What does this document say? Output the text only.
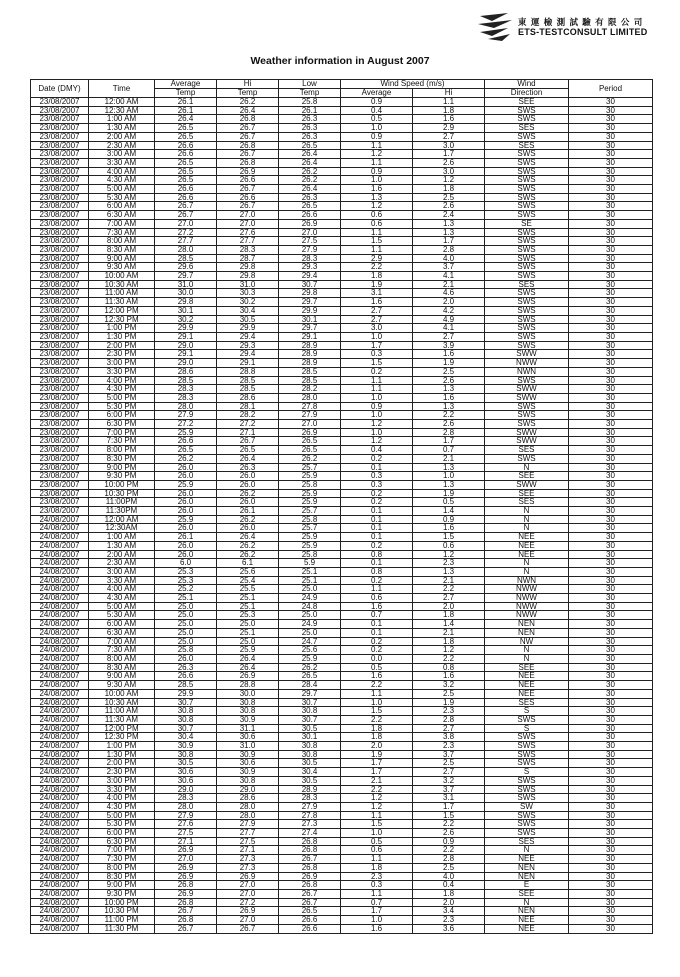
東 運 檢 測 試 驗 有 限 公 司
ETS-TESTCONSULT LIMITED
Weather information in August 2007
Date (DMY)	Time	Average	Hi	Low	Wind Speed (m/s)		Wind	Period
		Temp	Temp	Temp	Average	Hi	Direction	
23/08/2007	12:00 AM	26.1	26.2	25.8	0.9	1.1	SEE	30
23/08/2007	12:30 AM	26.1	26.4	26.1	0.4	1.8	SWS	30
23/08/2007	1:00 AM	26.4	26.8	26.3	0.5	1.6	SWS	30
23/08/2007	1:30 AM	26.5	26.7	26.3	1.0	2.9	SES	30
23/08/2007	2:00 AM	26.5	26.7	26.3	0.9	2.7	SWS	30
23/08/2007	2:30 AM	26.6	26.8	26.5	1.1	3.0	SES	30
23/08/2007	3:00 AM	26.6	26.7	26.4	1.2	1.7	SWS	30
23/08/2007	3:30 AM	26.5	26.8	26.4	1.1	2.6	SWS	30
23/08/2007	4:00 AM	26.5	26.9	26.2	0.9	3.0	SWS	30
23/08/2007	4:30 AM	26.5	26.6	26.2	1.0	1.2	SWS	30
23/08/2007	5:00 AM	26.6	26.7	26.4	1.6	1.8	SWS	30
23/08/2007	5:30 AM	26.6	26.6	26.3	1.3	2.5	SWS	30
23/08/2007	6:00 AM	26.7	26.7	26.5	1.2	2.6	SWS	30
23/08/2007	6:30 AM	26.7	27.0	26.6	0.6	2.4	SWS	30
23/08/2007	7:00 AM	27.0	27.0	26.9	0.6	1.3	SE	30
23/08/2007	7:30 AM	27.2	27.6	27.0	1.1	1.3	SWS	30
23/08/2007	8:00 AM	27.7	27.7	27.5	1.5	1.7	SWS	30
23/08/2007	8:30 AM	28.0	28.3	27.9	1.1	2.8	SWS	30
23/08/2007	9:00 AM	28.5	28.7	28.3	2.9	4.0	SWS	30
23/08/2007	9:30 AM	29.6	29.8	29.3	2.2	3.7	SWS	30
23/08/2007	10:00 AM	29.7	29.8	29.4	1.8	4.1	SWS	30
23/08/2007	10:30 AM	31.0	31.0	30.7	1.9	2.1	SES	30
23/08/2007	11:00 AM	30.0	30.3	29.8	3.1	4.6	SWS	30
23/08/2007	11:30 AM	29.8	30.2	29.7	1.6	2.0	SWS	30
23/08/2007	12:00 PM	30.1	30.4	29.9	2.7	4.2	SWS	30
23/08/2007	12:30 PM	30.2	30.5	30.1	2.7	4.9	SWS	30
23/08/2007	1:00 PM	29.9	29.9	29.7	3.0	4.1	SWS	30
23/08/2007	1:30 PM	29.1	29.4	29.1	1.0	2.7	SWS	30
23/08/2007	2:00 PM	29.0	29.3	28.9	1.7	3.9	SWS	30
23/08/2007	2:30 PM	29.1	29.4	28.9	0.3	1.6	SWW	30
23/08/2007	3:00 PM	29.0	29.1	28.9	1.5	1.9	NWW	30
23/08/2007	3:30 PM	28.6	28.8	28.5	0.2	2.5	NWN	30
23/08/2007	4:00 PM	28.5	28.5	28.5	1.1	2.6	SWS	30
23/08/2007	4:30 PM	28.3	28.5	28.2	1.1	1.3	SWW	30
23/08/2007	5:00 PM	28.3	28.6	28.0	1.0	1.6	SWW	30
23/08/2007	5:30 PM	28.0	28.1	27.8	0.9	1.3	SWS	30
23/08/2007	6:00 PM	27.9	28.2	27.9	1.0	2.2	SWS	30
23/08/2007	6:30 PM	27.2	27.2	27.0	1.2	2.6	SWS	30
23/08/2007	7:00 PM	25.9	27.1	26.9	1.0	2.8	SWW	30
23/08/2007	7:30 PM	26.6	26.7	26.5	1.2	1.7	SWW	30
23/08/2007	8:00 PM	26.5	26.5	26.5	0.4	0.7	SES	30
23/08/2007	8:30 PM	26.2	26.4	26.2	0.2	2.1	SWS	30
23/08/2007	9:00 PM	26.0	26.3	25.7	0.1	1.3	N	30
23/08/2007	9:30 PM	26.0	26.0	25.9	0.3	1.0	SEE	30
23/08/2007	10:00 PM	25.9	26.0	25.8	0.3	1.3	SWW	30
23/08/2007	10:30 PM	26.0	26.2	25.9	0.2	1.9	SEE	30
23/08/2007	11:00PM	26.0	26.0	25.9	0.2	0.5	SES	30
23/08/2007	11:30PM	26.0	26.1	25.7	0.1	1.4	N	30
24/08/2007	12:00 AM	25.9	26.2	25.8	0.1	0.9	N	30
24/08/2007	12:30AM	26.0	26.0	25.7	0.1	1.6	N	30
24/08/2007	1:00 AM	26.1	26.4	25.9	0.1	1.5	NEE	30
24/08/2007	1:30 AM	26.0	26.2	25.9	0.2	0.6	NEE	30
24/08/2007	2:00 AM	26.0	26.2	25.8	0.8	1.2	NEE	30
24/08/2007	2:30 AM	6.0	6.1	5.9	0.1	2.3	N	30
24/08/2007	3:00 AM	25.3	25.6	25.1	0.8	1.3	N	30
24/08/2007	3:30 AM	25.3	25.4	25.1	0.2	2.1	NWN	30
24/08/2007	4:00 AM	25.2	25.5	25.0	1.1	2.2	NWW	30
24/08/2007	4:30 AM	25.1	25.1	24.9	0.6	2.7	NWW	30
24/08/2007	5:00 AM	25.0	25.1	24.8	1.6	2.0	NWW	30
24/08/2007	5:30 AM	25.0	25.3	25.0	0.7	1.8	NWW	30
24/08/2007	6:00 AM	25.0	25.0	24.9	0.1	1.4	NEN	30
24/08/2007	6:30 AM	25.0	25.1	25.0	0.1	2.1	NEN	30
24/08/2007	7:00 AM	25.0	25.0	24.7	0.2	1.8	NW	30
24/08/2007	7:30 AM	25.8	25.9	25.6	0.2	1.2	N	30
24/08/2007	8:00 AM	26.0	26.4	25.9	0.0	2.2	N	30
24/08/2007	8:30 AM	26.3	26.4	26.2	0.5	0.8	SEE	30
24/08/2007	9:00 AM	26.6	26.9	26.5	1.6	1.6	NEE	30
24/08/2007	9:30 AM	28.5	28.8	28.4	2.2	3.2	NEE	30
24/08/2007	10:00 AM	29.9	30.0	29.7	1.1	2.5	NEE	30
24/08/2007	10:30 AM	30.7	30.8	30.7	1.0	1.9	SES	30
24/08/2007	11:00 AM	30.8	30.8	30.8	1.5	2.3	S	30
24/08/2007	11:30 AM	30.8	30.9	30.7	2.2	2.8	SWS	30
24/08/2007	12:00 PM	30.7	31.1	30.5	1.8	2.7	S	30
24/08/2007	12:30 PM	30.4	30.6	30.1	1.8	3.8	SWS	30
24/08/2007	1:00 PM	30.9	31.0	30.8	2.0	2.3	SWS	30
24/08/2007	1:30 PM	30.8	30.9	30.8	1.9	3.7	SWS	30
24/08/2007	2:00 PM	30.5	30.6	30.5	1.7	2.5	SWS	30
24/08/2007	2:30 PM	30.6	30.9	30.4	1.7	2.7	S	30
24/08/2007	3:00 PM	30.6	30.8	30.5	2.1	3.2	SWS	30
24/08/2007	3:30 PM	29.0	29.0	28.9	2.2	3.7	SWS	30
24/08/2007	4:00 PM	28.3	28.6	28.3	1.2	3.1	SWS	30
24/08/2007	4:30 PM	28.0	28.0	27.9	1.2	1.7	SW	30
24/08/2007	5:00 PM	27.9	28.0	27.8	1.1	1.5	SWS	30
24/08/2007	5:30 PM	27.6	27.9	27.3	1.5	2.2	SWS	30
24/08/2007	6:00 PM	27.5	27.7	27.4	1.0	2.6	SWS	30
24/08/2007	6:30 PM	27.1	27.5	26.8	0.5	0.9	SES	30
24/08/2007	7:00 PM	26.9	27.1	26.8	0.6	2.2	N	30
24/08/2007	7:30 PM	27.0	27.3	26.7	1.1	2.8	NEE	30
24/08/2007	8:00 PM	26.9	27.3	26.8	1.8	2.5	NEN	30
24/08/2007	8:30 PM	26.9	26.9	26.9	2.3	4.0	NEN	30
24/08/2007	9:00 PM	26.8	27.0	26.8	0.3	0.4	E	30
24/08/2007	9:30 PM	26.9	27.0	26.7	1.1	1.8	SEE	30
24/08/2007	10:00 PM	26.8	27.2	26.7	0.7	2.0	N	30
24/08/2007	10:30 PM	26.7	26.9	26.5	1.7	3.4	NEN	30
24/08/2007	11:00 PM	26.8	27.0	26.6	1.0	2.3	NEE	30
24/08/2007	11:30 PM	26.7	26.7	26.6	1.6	3.6	NEE	30
